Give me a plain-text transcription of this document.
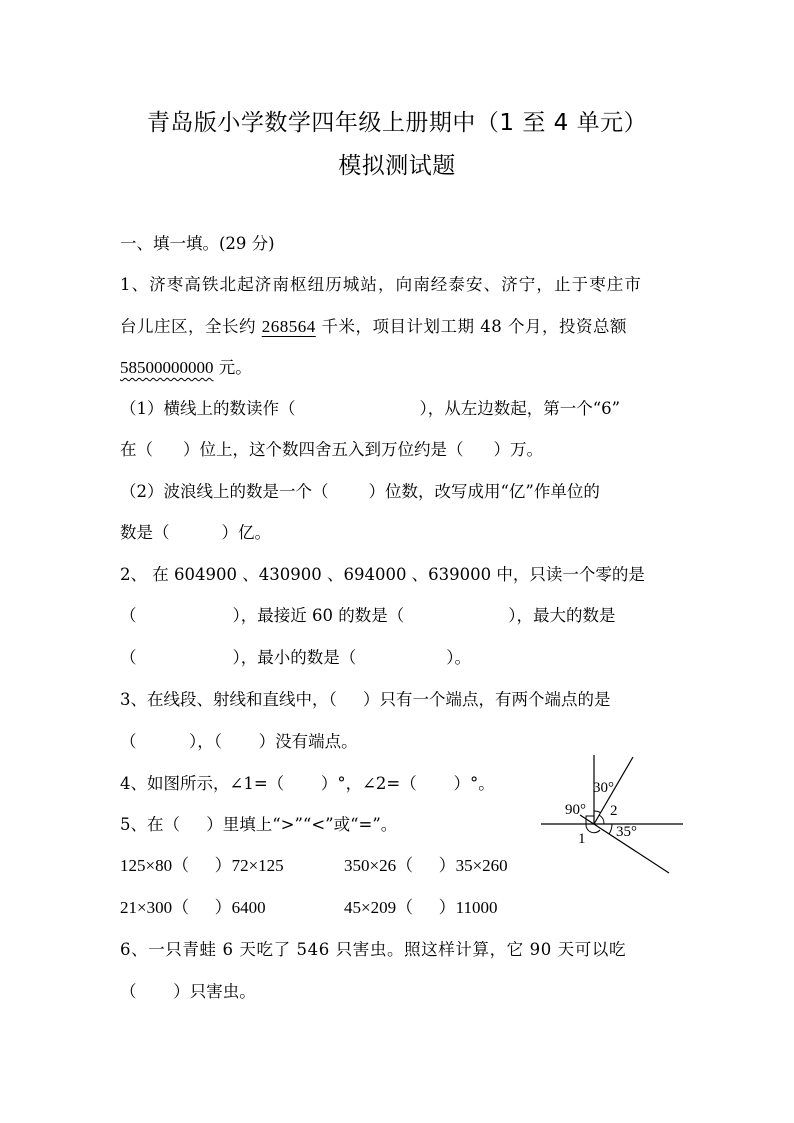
青岛版小学数学四年级上册期中（1 至 4 单元）
模拟测试题
一、填一填。(29 分)
1、济枣高铁北起济南枢纽历城站，向南经泰安、济宁，止于枣庄市
台儿庄区，全长约 268564 千米，项目计划工期 48 个月，投资总额
58500000000 元。
（1）横线上的数读作（	），从左边数起，第一个“6”
在（ ）位上，这个数四舍五入到万位约是（ ）万。
（2）波浪线上的数是一个（ ）位数，改写成用“亿”作单位的
数是（	）亿。
2、 在 604900 、430900 、694000 、639000 中，只读一个零的是
（	），最接近 60 的数是（	），最大的数是
（	），最小的数是（	）。
3、在线段、射线和直线中，（     ）只有一个端点，有两个端点的是
（          ），（       ）没有端点。
4、如图所示，∠1=（       ）°，∠2=（       ）°。
5、在（     ）里填上“>”“<”或“=”。
125×80（      ）72×125	350×26（      ）35×260
21×300（      ）6400	45×209（      ）11000
6、一只青蛙 6 天吃了 546 只害虫。照这样计算，它 90 天可以吃
（       ）只害虫。
90°
30°
2
35°
1
